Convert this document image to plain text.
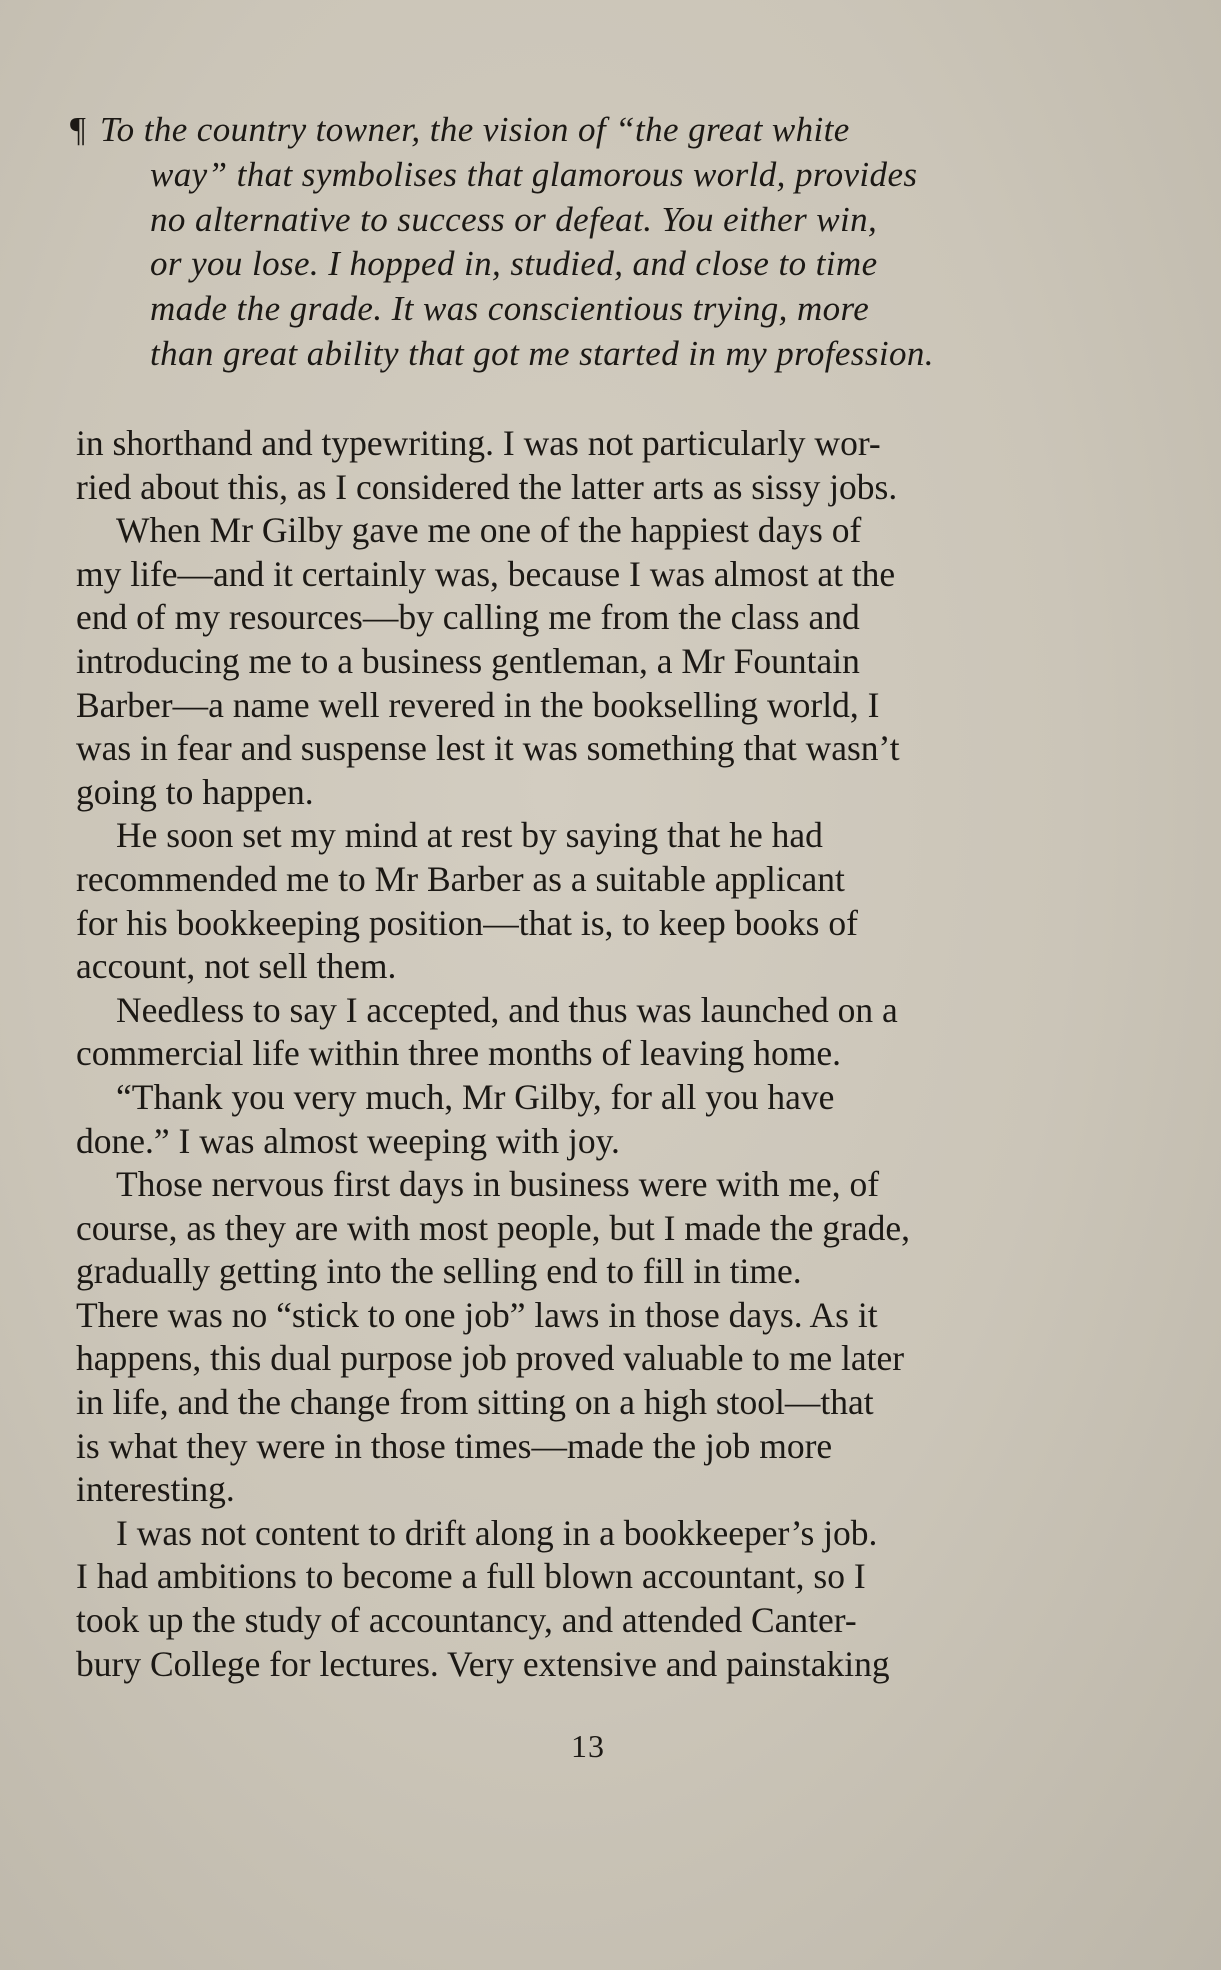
¶ To the country towner, the vision of “the great white
way” that symbolises that glamorous world, provides
no alternative to success or defeat. You either win,
or you lose. I hopped in, studied, and close to time
made the grade. It was conscientious trying, more
than great ability that got me started in my profession.
in shorthand and typewriting. I was not particularly wor-
ried about this, as I considered the latter arts as sissy jobs.
When Mr Gilby gave me one of the happiest days of
my life—and it certainly was, because I was almost at the
end of my resources—by calling me from the class and
introducing me to a business gentleman, a Mr Fountain
Barber—a name well revered in the bookselling world, I
was in fear and suspense lest it was something that wasn’t
going to happen.
He soon set my mind at rest by saying that he had
recommended me to Mr Barber as a suitable applicant
for his bookkeeping position—that is, to keep books of
account, not sell them.
Needless to say I accepted, and thus was launched on a
commercial life within three months of leaving home.
“Thank you very much, Mr Gilby, for all you have
done.” I was almost weeping with joy.
Those nervous first days in business were with me, of
course, as they are with most people, but I made the grade,
gradually getting into the selling end to fill in time.
There was no “stick to one job” laws in those days. As it
happens, this dual purpose job proved valuable to me later
in life, and the change from sitting on a high stool—that
is what they were in those times—made the job more
interesting.
I was not content to drift along in a bookkeeper’s job.
I had ambitions to become a full blown accountant, so I
took up the study of accountancy, and attended Canter-
bury College for lectures. Very extensive and painstaking
13
